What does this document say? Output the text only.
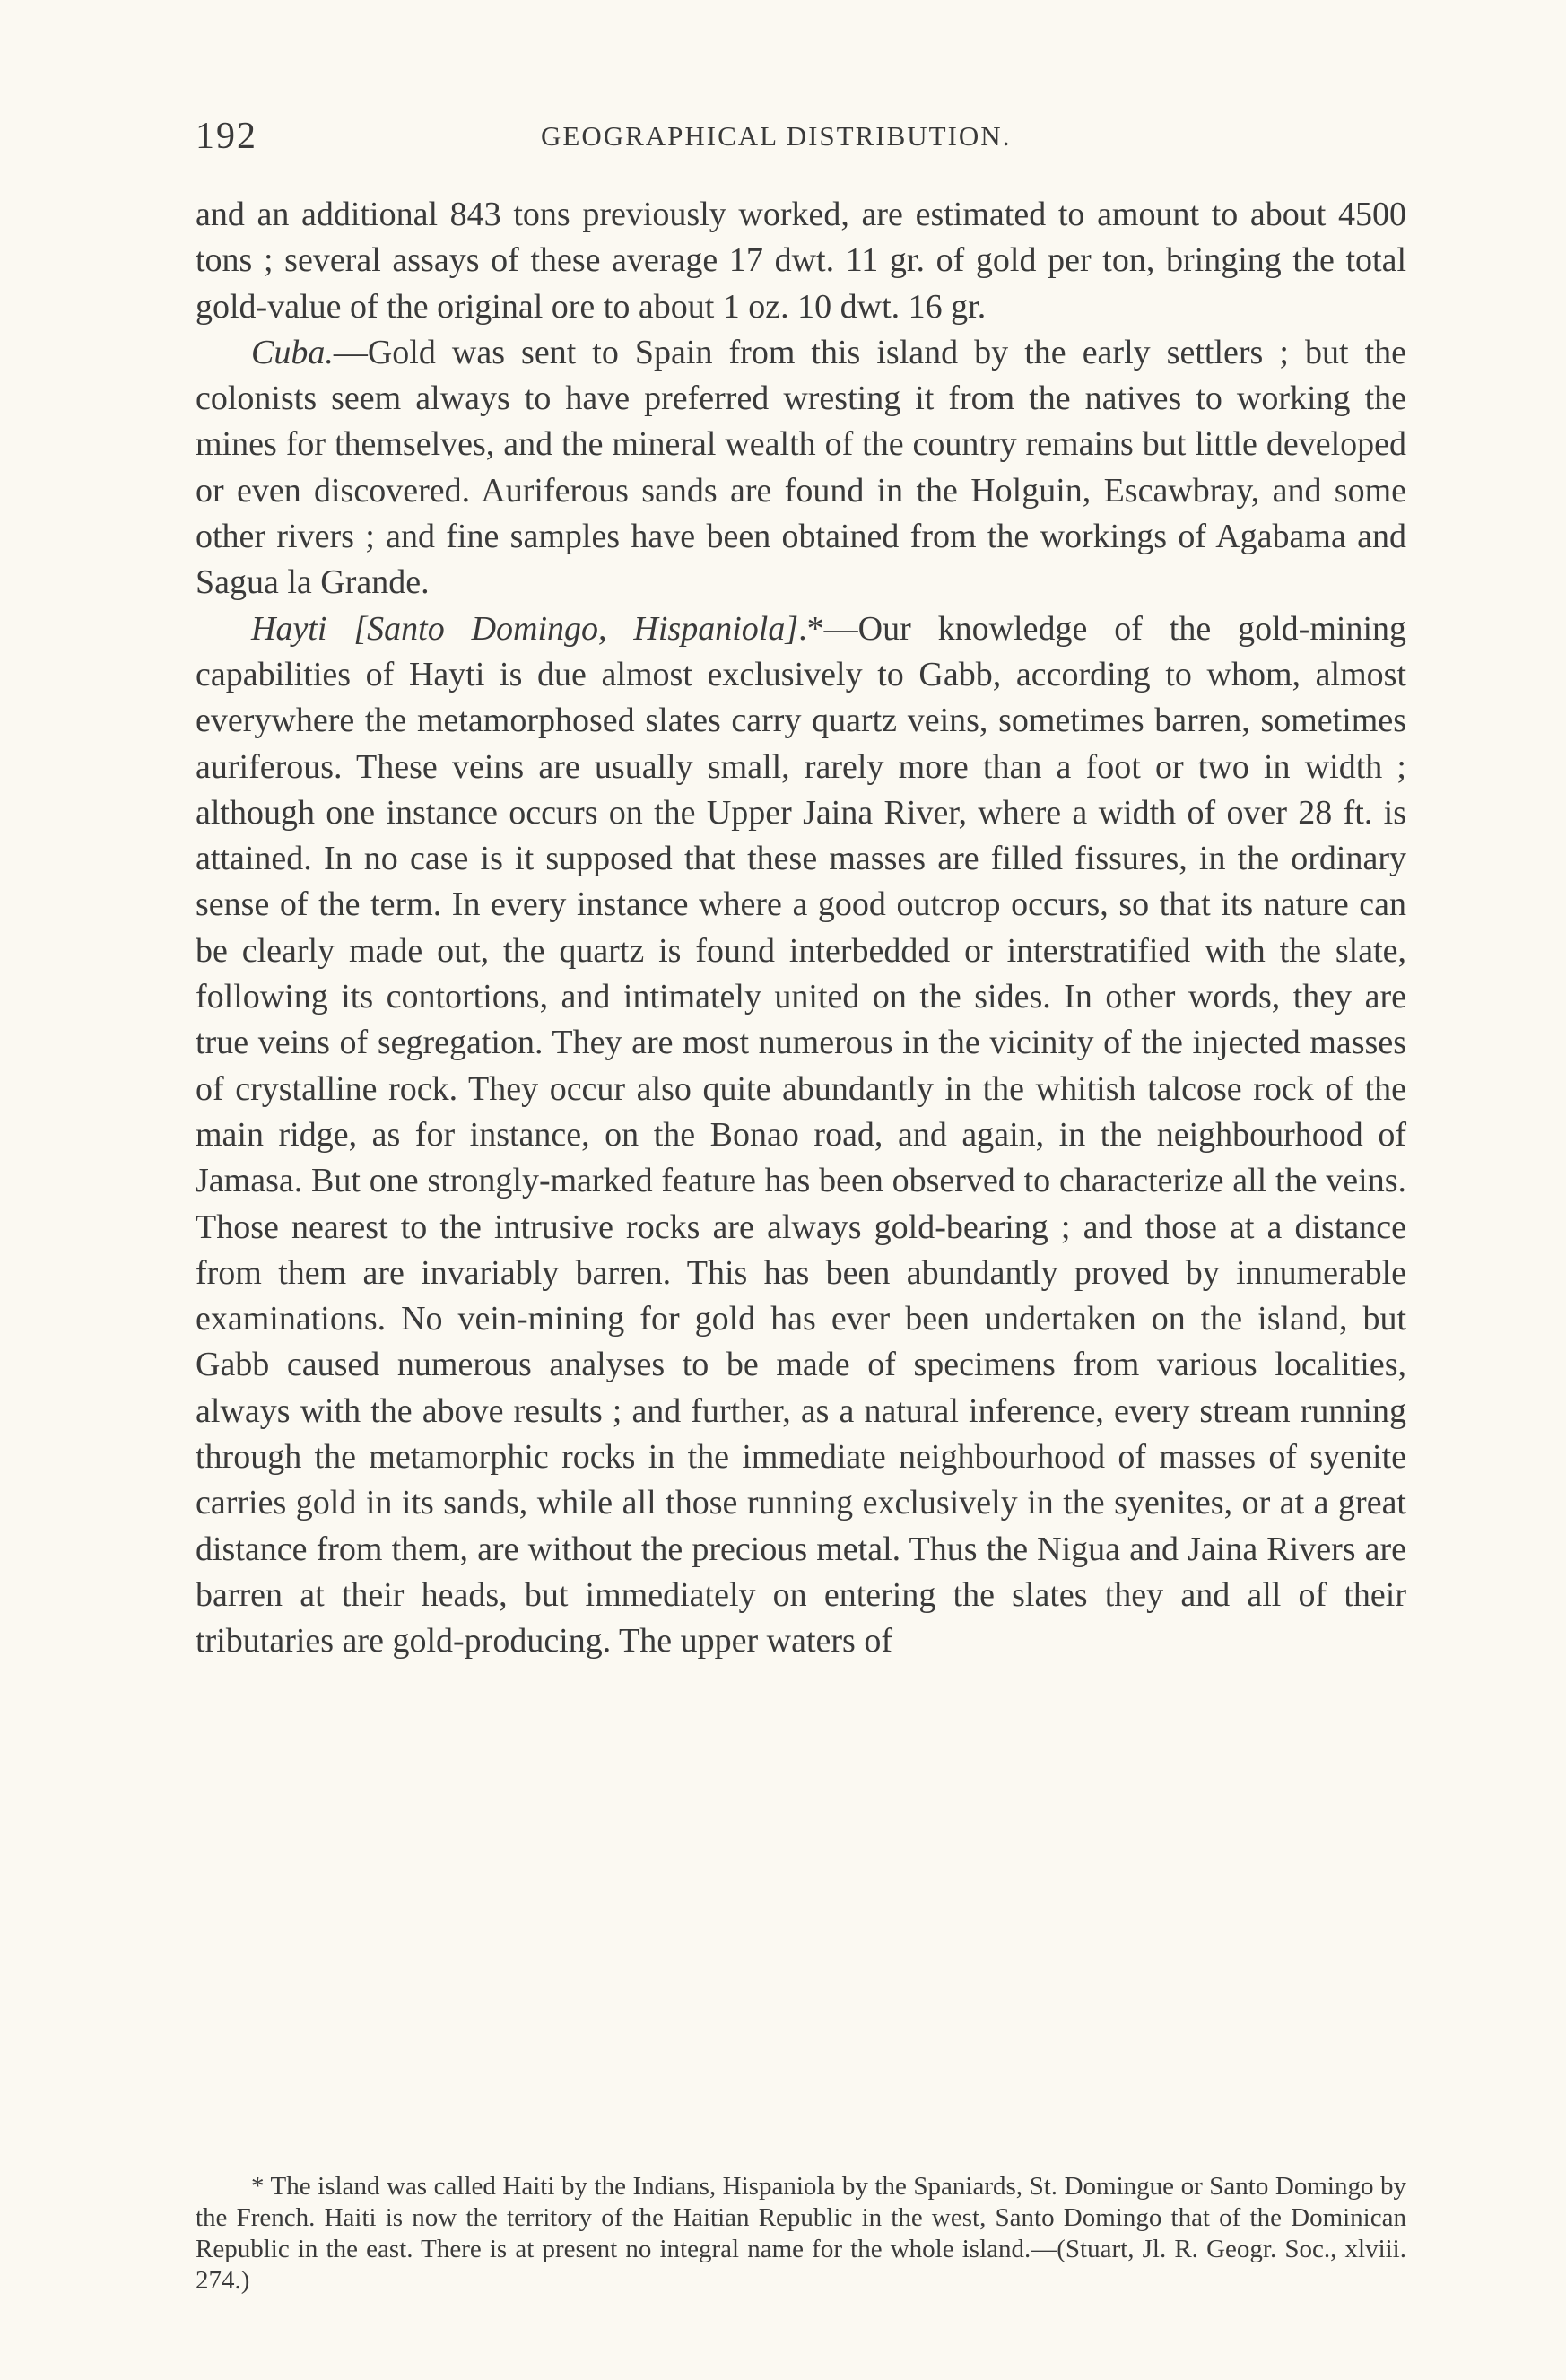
192	GEOGRAPHICAL DISTRIBUTION.

and an additional 843 tons previously worked, are estimated to amount to about 4500 tons ; several assays of these average 17 dwt. 11 gr. of gold per ton, bringing the total gold-value of the original ore to about 1 oz. 10 dwt. 16 gr.

Cuba.—Gold was sent to Spain from this island by the early settlers ; but the colonists seem always to have preferred wresting it from the natives to working the mines for themselves, and the mineral wealth of the country remains but little developed or even discovered. Auriferous sands are found in the Holguin, Escawbray, and some other rivers ; and fine samples have been obtained from the workings of Agabama and Sagua la Grande.

Hayti [Santo Domingo, Hispaniola].*—Our knowledge of the gold-mining capabilities of Hayti is due almost exclusively to Gabb, according to whom, almost everywhere the metamorphosed slates carry quartz veins, sometimes barren, sometimes auriferous. These veins are usually small, rarely more than a foot or two in width ; although one instance occurs on the Upper Jaina River, where a width of over 28 ft. is attained. In no case is it supposed that these masses are filled fissures, in the ordinary sense of the term. In every instance where a good outcrop occurs, so that its nature can be clearly made out, the quartz is found interbedded or interstratified with the slate, following its contortions, and intimately united on the sides. In other words, they are true veins of segregation. They are most numerous in the vicinity of the injected masses of crystalline rock. They occur also quite abundantly in the whitish talcose rock of the main ridge, as for instance, on the Bonao road, and again, in the neighbourhood of Jamasa. But one strongly-marked feature has been observed to characterize all the veins. Those nearest to the intrusive rocks are always gold-bearing ; and those at a distance from them are invariably barren. This has been abundantly proved by innumerable examinations. No vein-mining for gold has ever been undertaken on the island, but Gabb caused numerous analyses to be made of specimens from various localities, always with the above results ; and further, as a natural inference, every stream running through the metamorphic rocks in the immediate neighbourhood of masses of syenite carries gold in its sands, while all those running exclusively in the syenites, or at a great distance from them, are without the precious metal. Thus the Nigua and Jaina Rivers are barren at their heads, but immediately on entering the slates they and all of their tributaries are gold-producing. The upper waters of

* The island was called Haiti by the Indians, Hispaniola by the Spaniards, St. Domingue or Santo Domingo by the French. Haiti is now the territory of the Haitian Republic in the west, Santo Domingo that of the Dominican Republic in the east. There is at present no integral name for the whole island.—(Stuart, Jl. R. Geogr. Soc., xlviii. 274.)
